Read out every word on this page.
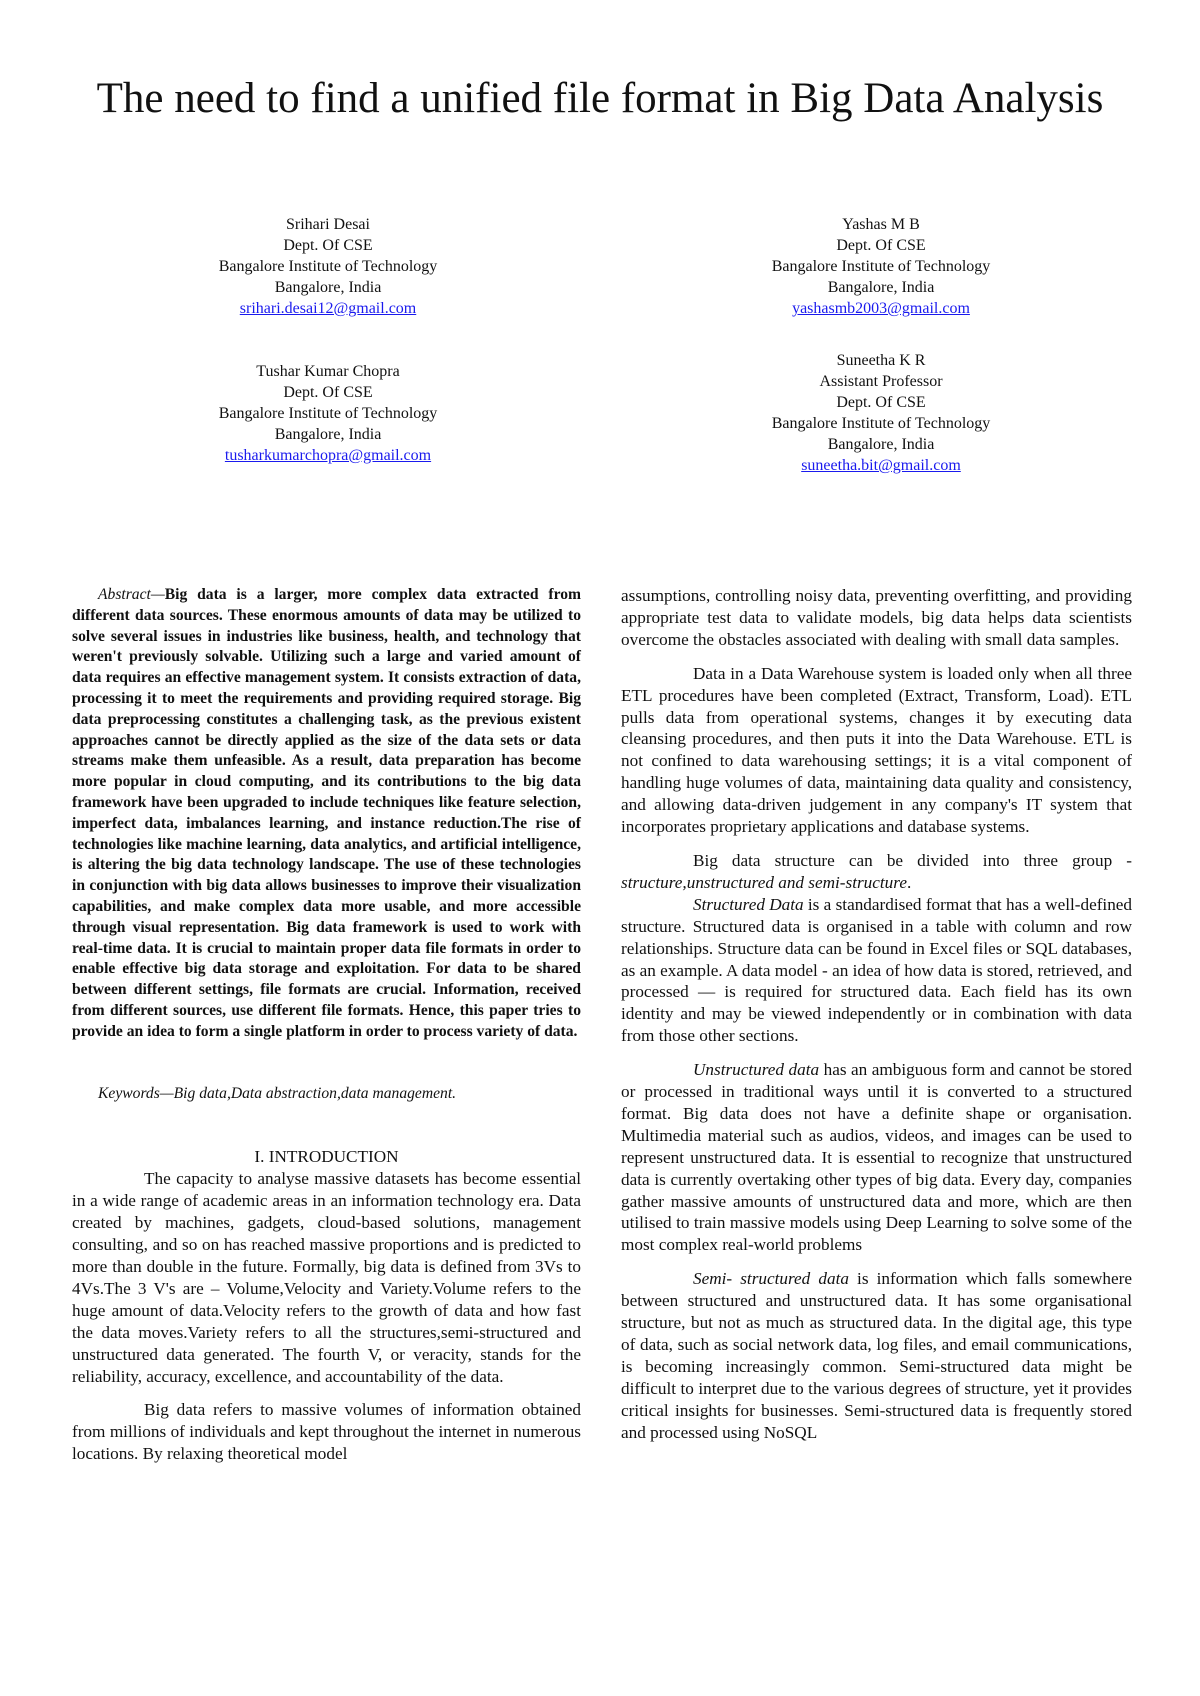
The need to find a unified file format in Big Data Analysis
Srihari Desai
Dept. Of CSE
Bangalore Institute of Technology
Bangalore, India
srihari.desai12@gmail.com
Yashas M B
Dept. Of CSE
Bangalore Institute of Technology
Bangalore, India
yashasmb2003@gmail.com
Tushar Kumar Chopra
Dept. Of CSE
Bangalore Institute of Technology
Bangalore, India
tusharkumarchopra@gmail.com
Suneetha K R
Assistant Professor
Dept. Of CSE
Bangalore Institute of Technology
Bangalore, India
suneetha.bit@gmail.com

Abstract—Big data is a larger, more complex data extracted from different data sources. These enormous amounts of data may be utilized to solve several issues in industries like business, health, and technology that weren't previously solvable. Utilizing such a large and varied amount of data requires an effective management system. It consists extraction of data, processing it to meet the requirements and providing required storage. Big data preprocessing constitutes a challenging task, as the previous existent approaches cannot be directly applied as the size of the data sets or data streams make them unfeasible. As a result, data preparation has become more popular in cloud computing, and its contributions to the big data framework have been upgraded to include techniques like feature selection, imperfect data, imbalances learning, and instance reduction.The rise of technologies like machine learning, data analytics, and artificial intelligence, is altering the big data technology landscape. The use of these technologies in conjunction with big data allows businesses to improve their visualization capabilities, and make complex data more usable, and more accessible through visual representation. Big data framework is used to work with real-time data. It is crucial to maintain proper data file formats in order to enable effective big data storage and exploitation. For data to be shared between different settings, file formats are crucial. Information, received from different sources, use different file formats. Hence, this paper tries to provide an idea to form a single platform in order to process variety of data.

Keywords—Big data,Data abstraction,data management.

I. INTRODUCTION

The capacity to analyse massive datasets has become essential in a wide range of academic areas in an information technology era. Data created by machines, gadgets, cloud-based solutions, management consulting, and so on has reached massive proportions and is predicted to more than double in the future. Formally, big data is defined from 3Vs to 4Vs.The 3 V's are – Volume,Velocity and Variety.Volume refers to the huge amount of data.Velocity refers to the growth of data and how fast the data moves.Variety refers to all the structures,semi-structured and unstructured data generated. The fourth V, or veracity, stands for the reliability, accuracy, excellence, and accountability of the data.

Big data refers to massive volumes of information obtained from millions of individuals and kept throughout the internet in numerous locations. By relaxing theoretical model

assumptions, controlling noisy data, preventing overfitting, and providing appropriate test data to validate models, big data helps data scientists overcome the obstacles associated with dealing with small data samples.

Data in a Data Warehouse system is loaded only when all three ETL procedures have been completed (Extract, Transform, Load). ETL pulls data from operational systems, changes it by executing data cleansing procedures, and then puts it into the Data Warehouse. ETL is not confined to data warehousing settings; it is a vital component of handling huge volumes of data, maintaining data quality and consistency, and allowing data-driven judgement in any company's IT system that incorporates proprietary applications and database systems.

Big data structure can be divided into three group - structure,unstructured and semi-structure.

Structured Data is a standardised format that has a well-defined structure. Structured data is organised in a table with column and row relationships. Structure data can be found in Excel files or SQL databases, as an example. A data model - an idea of how data is stored, retrieved, and processed — is required for structured data. Each field has its own identity and may be viewed independently or in combination with data from those other sections.

Unstructured data has an ambiguous form and cannot be stored or processed in traditional ways until it is converted to a structured format. Big data does not have a definite shape or organisation. Multimedia material such as audios, videos, and images can be used to represent unstructured data. It is essential to recognize that unstructured data is currently overtaking other types of big data. Every day, companies gather massive amounts of unstructured data and more, which are then utilised to train massive models using Deep Learning to solve some of the most complex real-world problems

Semi- structured data is information which falls somewhere between structured and unstructured data. It has some organisational structure, but not as much as structured data. In the digital age, this type of data, such as social network data, log files, and email communications, is becoming increasingly common. Semi-structured data might be difficult to interpret due to the various degrees of structure, yet it provides critical insights for businesses. Semi-structured data is frequently stored and processed using NoSQL
